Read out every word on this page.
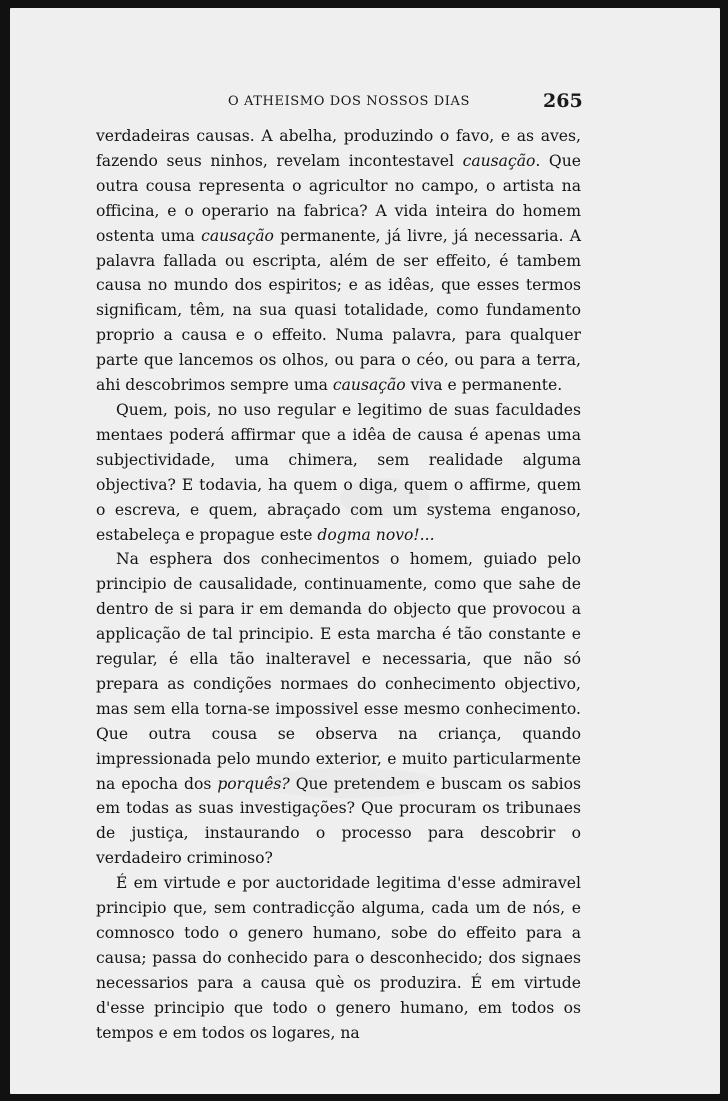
O ATHEISMO DOS NOSSOS DIAS	265

verdadeiras causas. A abelha, produzindo o favo, e as aves, fazendo seus ninhos, revelam incontestavel causação. Que outra cousa representa o agricultor no campo, o artista na officina, e o operario na fabrica? A vida inteira do homem ostenta uma causação permanente, já livre, já necessaria. A palavra fallada ou escripta, além de ser effeito, é tambem causa no mundo dos espiritos; e as idêas, que esses termos significam, têm, na sua quasi totalidade, como fundamento proprio a causa e o effeito. Numa palavra, para qualquer parte que lancemos os olhos, ou para o céo, ou para a terra, ahi descobrimos sempre uma causação viva e permanente.

Quem, pois, no uso regular e legitimo de suas faculdades mentaes poderá affirmar que a idêa de causa é apenas uma subjectividade, uma chimera, sem realidade alguma objectiva? E todavia, ha quem o diga, quem o affirme, quem o escreva, e quem, abraçado com um systema enganoso, estabeleça e propague este dogma novo!...

Na esphera dos conhecimentos o homem, guiado pelo principio de causalidade, continuamente, como que sahe de dentro de si para ir em demanda do objecto que provocou a applicação de tal principio. E esta marcha é tão constante e regular, é ella tão inalteravel e necessaria, que não só prepara as condições normaes do conhecimento objectivo, mas sem ella torna-se impossivel esse mesmo conhecimento. Que outra cousa se observa na criança, quando impressionada pelo mundo exterior, e muito particularmente na epocha dos porquês? Que pretendem e buscam os sabios em todas as suas investigações? Que procuram os tribunaes de justiça, instaurando o processo para descobrir o verdadeiro criminoso?

É em virtude e por auctoridade legitima d'esse admiravel principio que, sem contradicção alguma, cada um de nós, e comnosco todo o genero humano, sobe do effeito para a causa; passa do conhecido para o desconhecido; dos signaes necessarios para a causa què os produzira. É em virtude d'esse principio que todo o genero humano, em todos os tempos e em todos os logares, na
